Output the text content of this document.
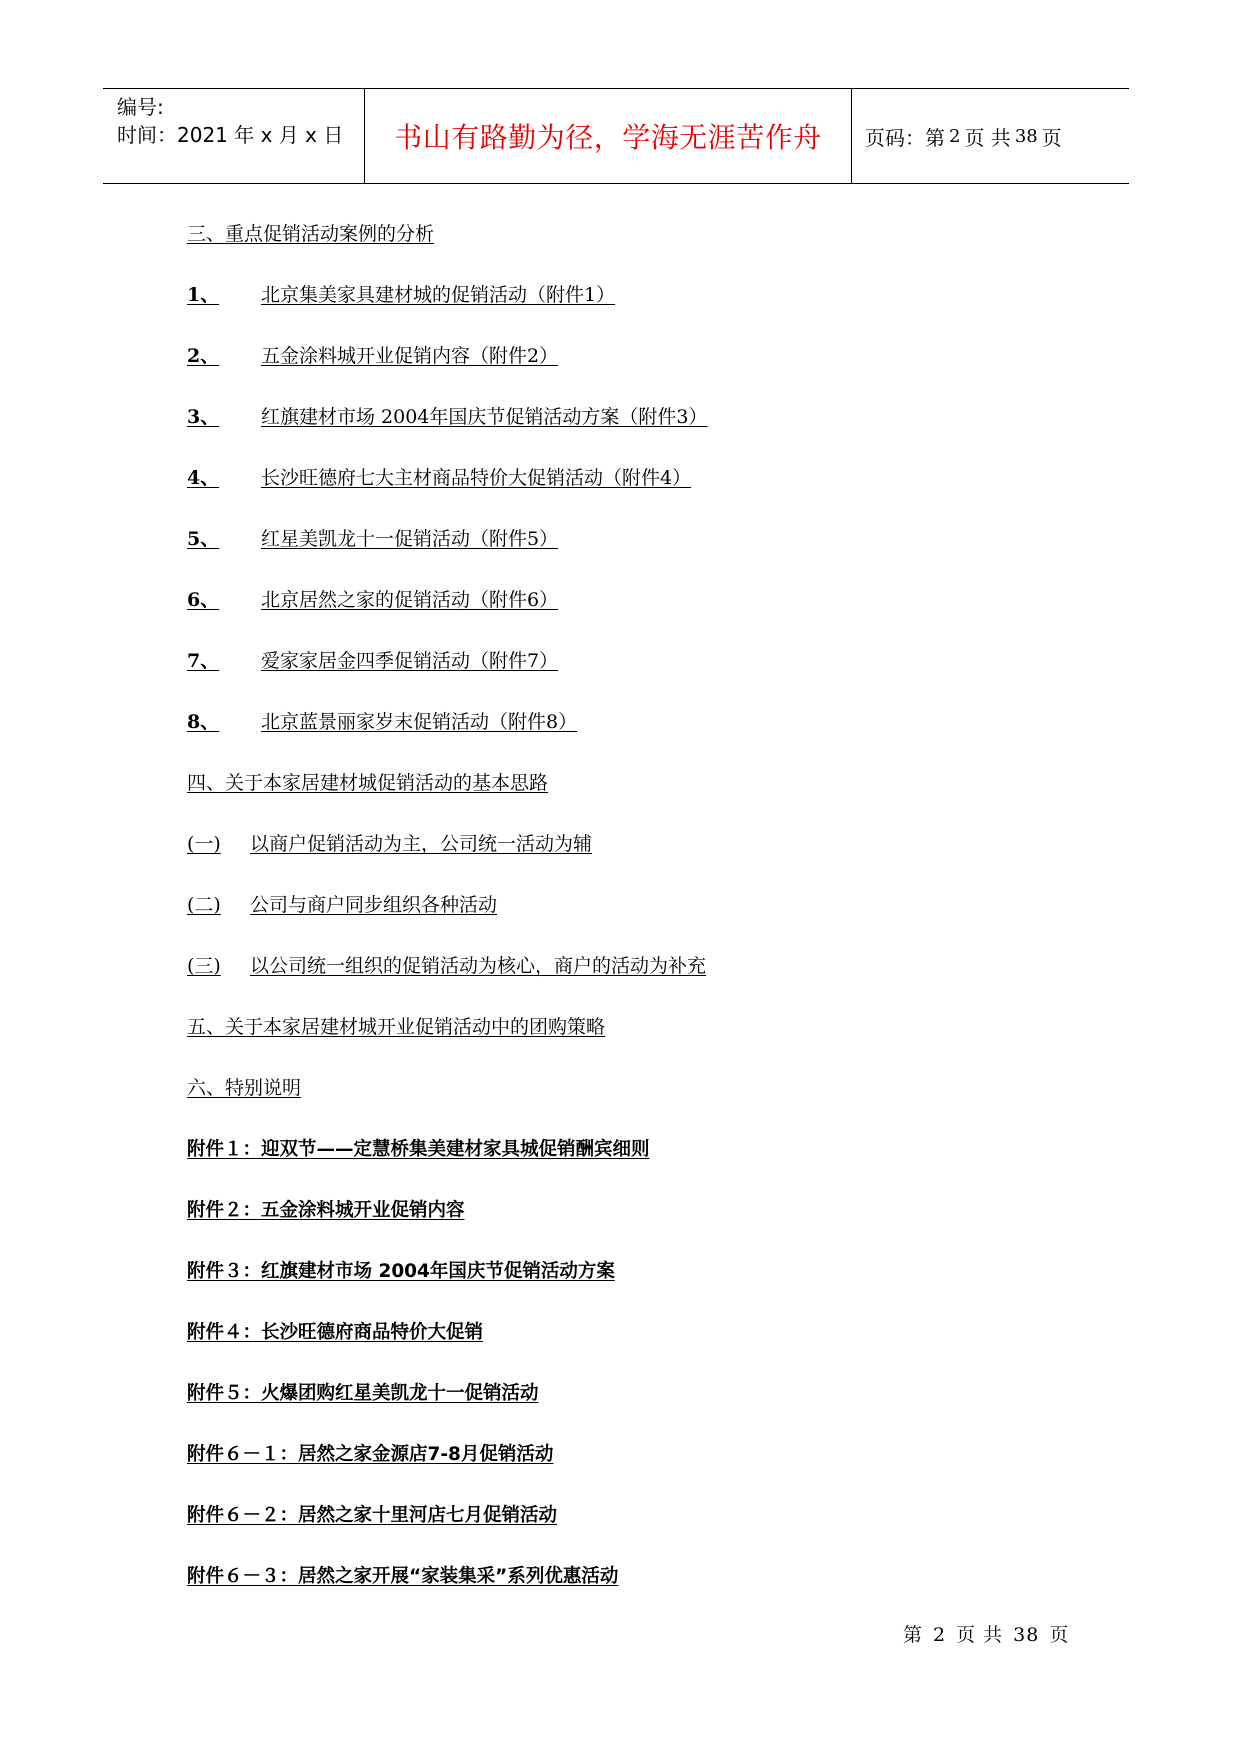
编号:
时间：2021 年 x 月 x 日	书山有路勤为径，学海无涯苦作舟	页码：第 2 页 共 38 页
三、重点促销活动案例的分析
1、 北京集美家具建材城的促销活动（附件1）
2、 五金涂料城开业促销内容（附件2）
3、 红旗建材市场 2004年国庆节促销活动方案（附件3）
4、 长沙旺德府七大主材商品特价大促销活动（附件4）
5、 红星美凯龙十一促销活动（附件5）
6、 北京居然之家的促销活动（附件6）
7、 爱家家居金四季促销活动（附件7）
8、 北京蓝景丽家岁末促销活动（附件8）
四、关于本家居建材城促销活动的基本思路
(一) 以商户促销活动为主，公司统一活动为辅
(二) 公司与商户同步组织各种活动
(三) 以公司统一组织的促销活动为核心，商户的活动为补充
五、关于本家居建材城开业促销活动中的团购策略
六、特别说明
附件１：迎双节——定慧桥集美建材家具城促销酬宾细则
附件２：五金涂料城开业促销内容
附件３：红旗建材市场 2004年国庆节促销活动方案
附件４：长沙旺德府商品特价大促销
附件５：火爆团购红星美凯龙十一促销活动
附件６－１：居然之家金源店7-8月促销活动
附件６－２：居然之家十里河店七月促销活动
附件６－３：居然之家开展“家装集采”系列优惠活动
第 2 页 共 38 页
